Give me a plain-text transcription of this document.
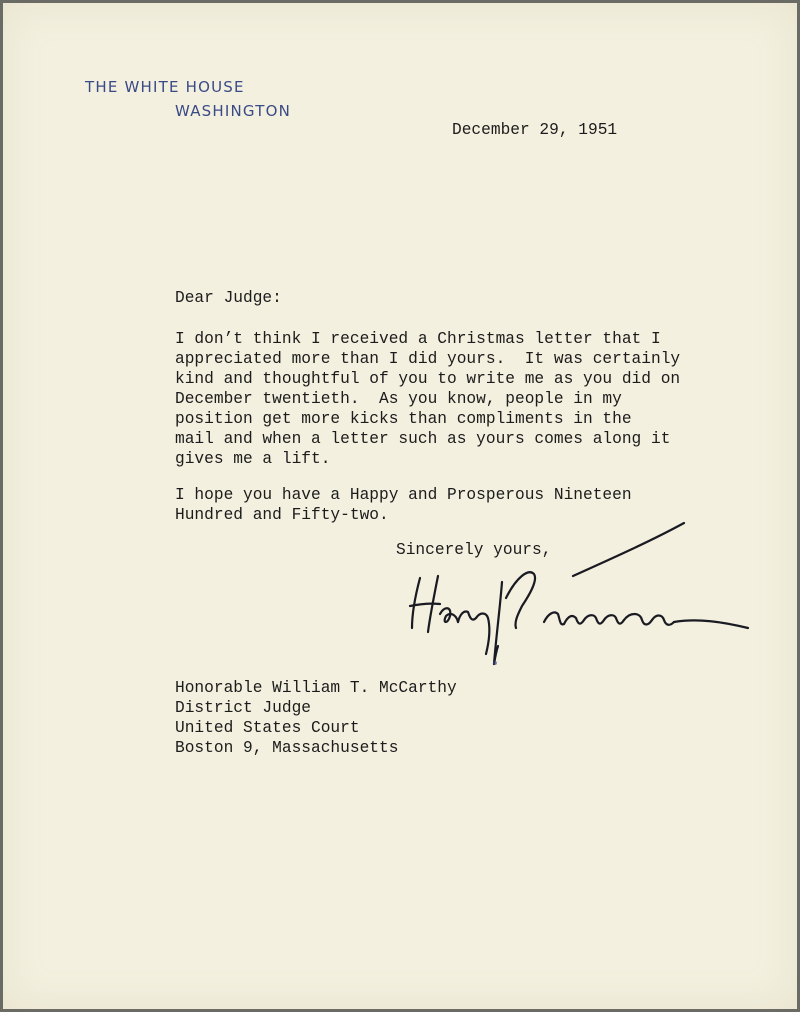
THE WHITE HOUSE
WASHINGTON
December 29, 1951
Dear Judge:
I don’t think I received a Christmas letter that I
appreciated more than I did yours.  It was certainly
kind and thoughtful of you to write me as you did on
December twentieth.  As you know, people in my
position get more kicks than compliments in the
mail and when a letter such as yours comes along it
gives me a lift.
I hope you have a Happy and Prosperous Nineteen
Hundred and Fifty-two.
Sincerely yours,
Honorable William T. McCarthy
District Judge
United States Court
Boston 9, Massachusetts
